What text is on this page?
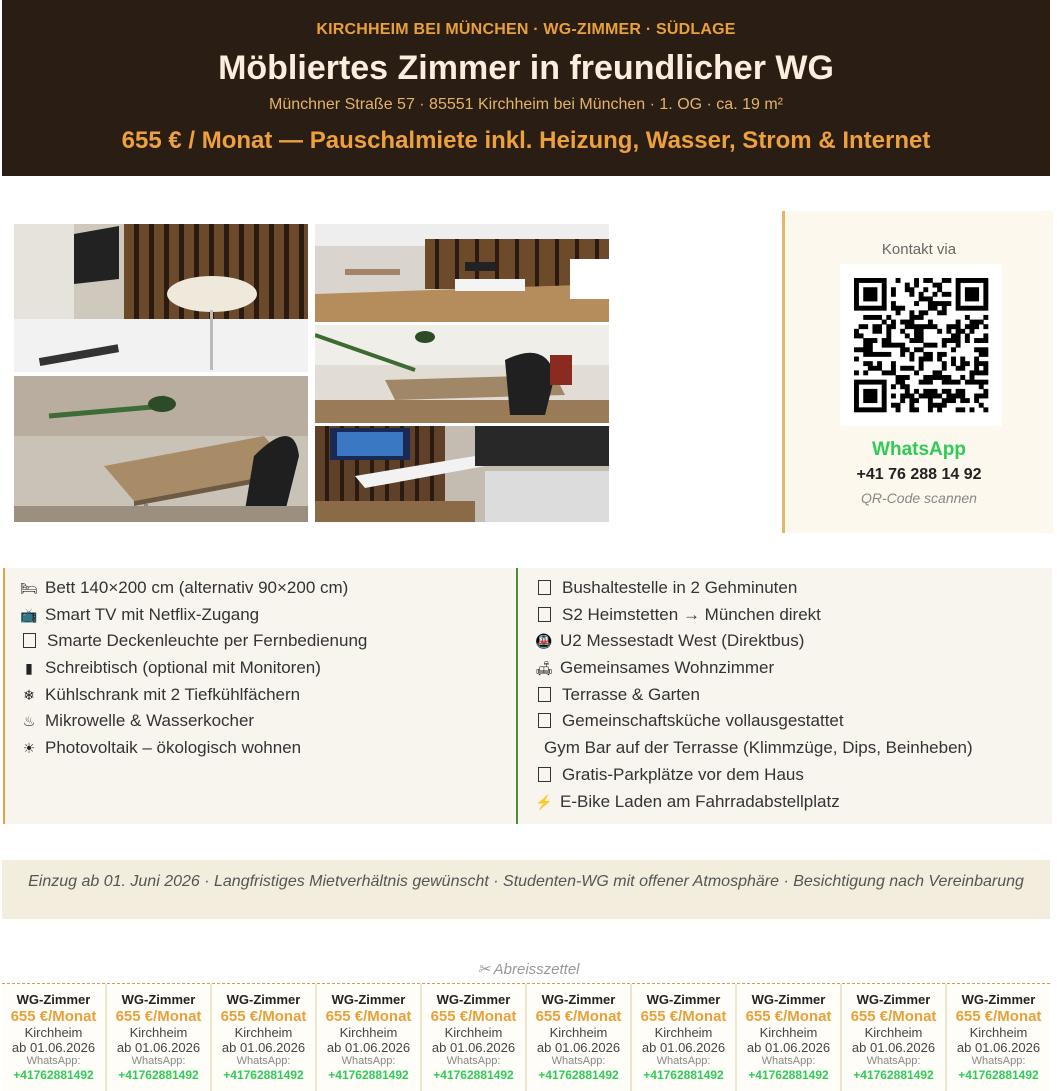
KIRCHHEIM BEI MÜNCHEN · WG-ZIMMER · SÜDLAGE
Möbliertes Zimmer in freundlicher WG
Münchner Straße 57 · 85551 Kirchheim bei München · 1. OG · ca. 19 m²
655 € / Monat — Pauschalmiete inkl. Heizung, Wasser, Strom & Internet
Kontakt via
WhatsApp
+41 76 288 14 92
QR-Code scannen
🛏 Bett 140×200 cm (alternativ 90×200 cm)
📺 Smart TV mit Netflix-Zugang
Smarte Deckenleuchte per Fernbedienung
▮ Schreibtisch (optional mit Monitoren)
❄ Kühlschrank mit 2 Tiefkühlfächern
♨ Mikrowelle & Wasserkocher
☀ Photovoltaik – ökologisch wohnen
Bushaltestelle in 2 Gehminuten
S2 Heimstetten → München direkt
🚇 U2 Messestadt West (Direktbus)
🛋 Gemeinsames Wohnzimmer
Terrasse & Garten
Gemeinschaftsküche vollausgestattet
Gym Bar auf der Terrasse (Klimmzüge, Dips, Beinheben)
Gratis-Parkplätze vor dem Haus
⚡ E-Bike Laden am Fahrradabstellplatz
Einzug ab 01. Juni 2026 · Langfristiges Mietverhältnis gewünscht · Studenten-WG mit offener Atmosphäre · Besichtigung nach Vereinbarung
✂ Abreisszettel
WG-Zimmer
655 €/Monat
Kirchheim
ab 01.06.2026
WhatsApp:
+41762881492
WG-Zimmer
655 €/Monat
Kirchheim
ab 01.06.2026
WhatsApp:
+41762881492
WG-Zimmer
655 €/Monat
Kirchheim
ab 01.06.2026
WhatsApp:
+41762881492
WG-Zimmer
655 €/Monat
Kirchheim
ab 01.06.2026
WhatsApp:
+41762881492
WG-Zimmer
655 €/Monat
Kirchheim
ab 01.06.2026
WhatsApp:
+41762881492
WG-Zimmer
655 €/Monat
Kirchheim
ab 01.06.2026
WhatsApp:
+41762881492
WG-Zimmer
655 €/Monat
Kirchheim
ab 01.06.2026
WhatsApp:
+41762881492
WG-Zimmer
655 €/Monat
Kirchheim
ab 01.06.2026
WhatsApp:
+41762881492
WG-Zimmer
655 €/Monat
Kirchheim
ab 01.06.2026
WhatsApp:
+41762881492
WG-Zimmer
655 €/Monat
Kirchheim
ab 01.06.2026
WhatsApp:
+41762881492
